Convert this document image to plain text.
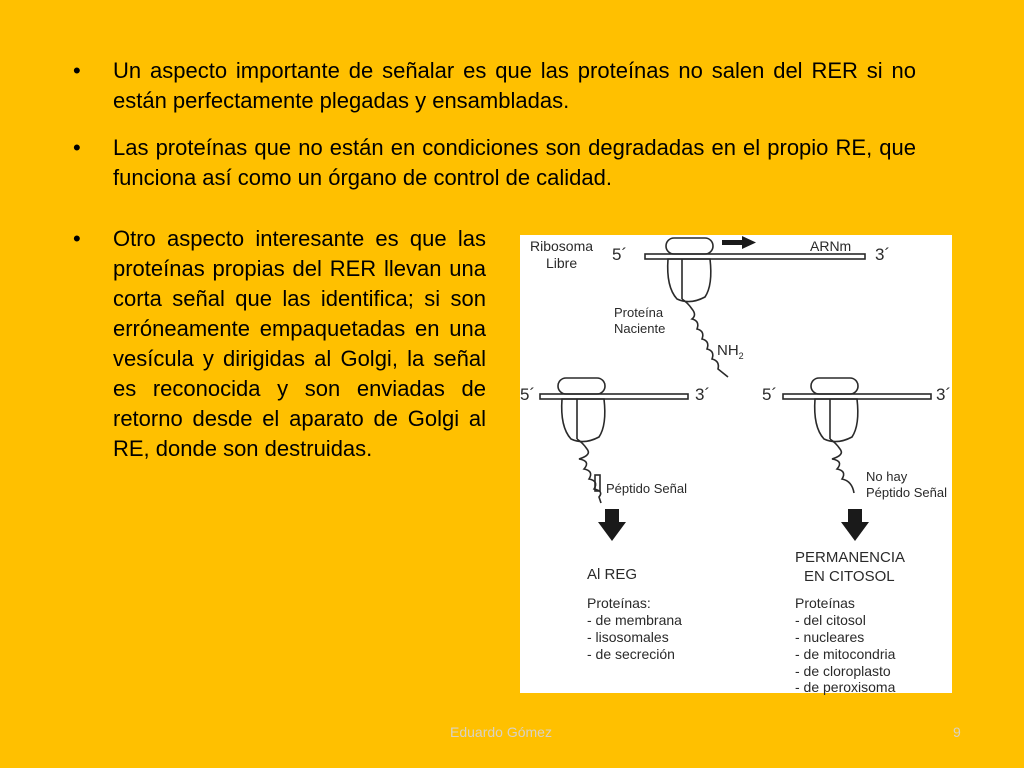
• Un aspecto importante de señalar es que las proteínas no salen del RER si no están perfectamente plegadas y ensambladas.
• Las proteínas que no están en condiciones son degradadas en el propio RE, que funciona así como un órgano de control de calidad.
• Otro aspecto interesante es que las proteínas propias del RER llevan una corta señal que las identifica; si son erróneamente empaquetadas en una vesícula y dirigidas al Golgi, la señal es reconocida y son enviadas de retorno desde el aparato de Golgi al RE, donde son destruidas.
Ribosoma
Libre 5´	ARNm 3´
Proteína
Naciente
$NH_2$
5´	3´	5´	3´
Péptido Señal
No hay
Péptido Señal
Al REG
PERMANENCIA
EN CITOSOL
Proteínas:
- de membrana
- lisosomales
- de secreción
Proteínas
- del citosol
- nucleares
- de mitocondria
- de cloroplasto
- de peroxisoma
Eduardo Gómez	9
